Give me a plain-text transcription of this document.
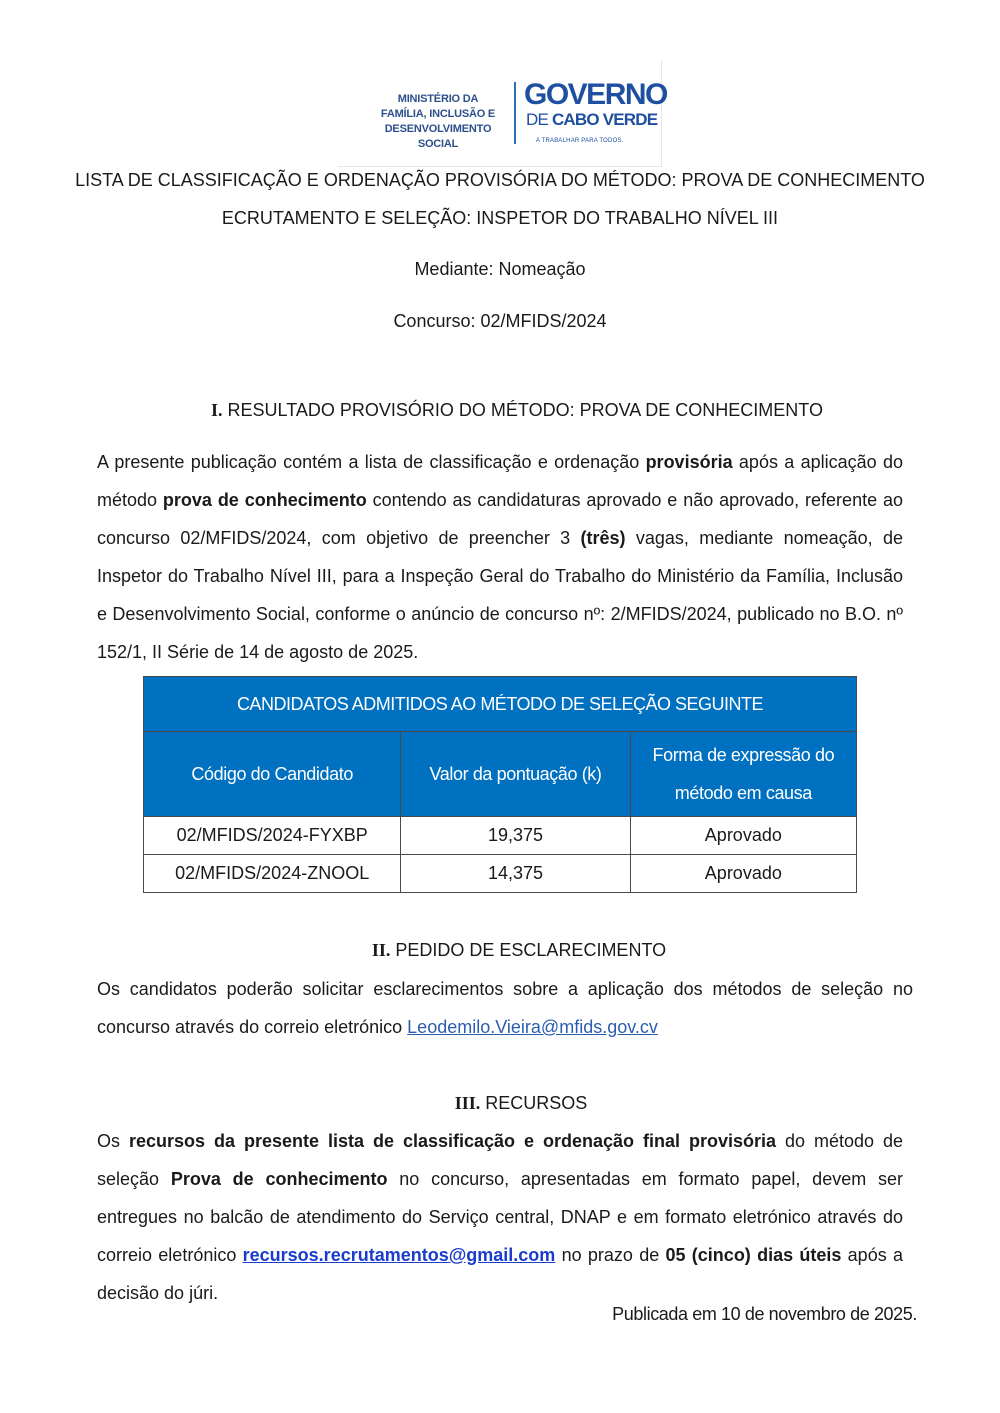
MINISTÉRIO DA
FAMÍLIA, INCLUSÃO E
DESENVOLVIMENTO SOCIAL
GOVERNO
DE CABO VERDE
A TRABALHAR PARA TODOS.
LISTA DE CLASSIFICAÇÃO E ORDENAÇÃO PROVISÓRIA DO MÉTODO: PROVA DE CONHECIMENTO
ECRUTAMENTO E SELEÇÃO: INSPETOR DO TRABALHO NÍVEL III
Mediante: Nomeação
Concurso: 02/MFIDS/2024
I. RESULTADO PROVISÓRIO DO MÉTODO: PROVA DE CONHECIMENTO
A presente publicação contém a lista de classificação e ordenação provisória após a aplicação do método prova de conhecimento contendo as candidaturas aprovado e não aprovado, referente ao concurso 02/MFIDS/2024, com objetivo de preencher 3 (três) vagas, mediante nomeação, de Inspetor do Trabalho Nível III, para a Inspeção Geral do Trabalho do Ministério da Família, Inclusão e Desenvolvimento Social, conforme o anúncio de concurso nº: 2/MFIDS/2024, publicado no B.O. nº 152/1, II Série de 14 de agosto de 2025.
CANDIDATOS ADMITIDOS AO MÉTODO DE SELEÇÃO SEGUINTE		
Código do Candidato	Valor da pontuação (k)	Forma de expressão do
método em causa

02/MFIDS/2024-FYXBP	19,375	Aprovado
02/MFIDS/2024-ZNOOL	14,375	Aprovado
II. PEDIDO DE ESCLARECIMENTO
Os candidatos poderão solicitar esclarecimentos sobre a aplicação dos métodos de seleção no concurso através do correio eletrónico Leodemilo.Vieira@mfids.gov.cv
III. RECURSOS
Os recursos da presente lista de classificação e ordenação final provisória do método de seleção Prova de conhecimento no concurso, apresentadas em formato papel, devem ser entregues no balcão de atendimento do Serviço central, DNAP e em formato eletrónico através do correio eletrónico recursos.recrutamentos@gmail.com no prazo de 05 (cinco) dias úteis após a decisão do júri.
Publicada em 10 de novembro de 2025.
